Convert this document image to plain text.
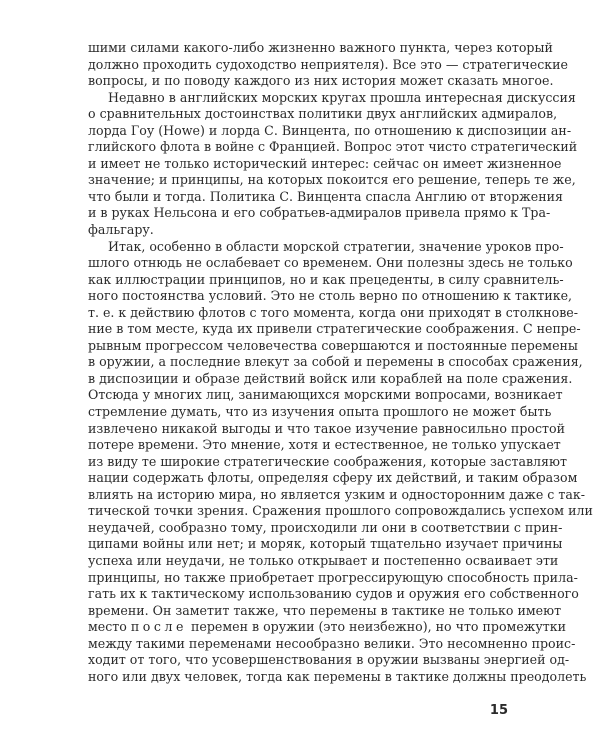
шими силами какого-либо жизненно важного пункта, через который
должно проходить судоходство неприятеля). Все это — стратегические
вопросы, и по поводу каждого из них история может сказать многое.
Недавно в английских морских кругах прошла интересная дискуссия
о сравнительных достоинствах политики двух английских адмиралов,
лорда Гоу (Howe) и лорда С. Винцента, по отношению к диспозиции ан-
глийского флота в войне с Францией. Вопрос этот чисто стратегический
и имеет не только исторический интерес: сейчас он имеет жизненное
значение; и принципы, на которых покоится его решение, теперь те же,
что были и тогда. Политика С. Винцента спасла Англию от вторжения
и в руках Нельсона и его собратьев-адмиралов привела прямо к Тра-
фальгару.
Итак, особенно в области морской стратегии, значение уроков про-
шлого отнюдь не ослабевает со временем. Они полезны здесь не только
как иллюстрации принципов, но и как прецеденты, в силу сравнитель-
ного постоянства условий. Это не столь верно по отношению к тактике,
т. е. к действию флотов с того момента, когда они приходят в столкнове-
ние в том месте, куда их привели стратегические соображения. С непре-
рывным прогрессом человечества совершаются и постоянные перемены
в оружии, а последние влекут за собой и перемены в способах сражения,
в диспозиции и образе действий войск или кораблей на поле сражения.
Отсюда у многих лиц, занимающихся морскими вопросами, возникает
стремление думать, что из изучения опыта прошлого не может быть
извлечено никакой выгоды и что такое изучение равносильно простой
потере времени. Это мнение, хотя и естественное, не только упускает
из виду те широкие стратегические соображения, которые заставляют
нации содержать флоты, определяя сферу их действий, и таким образом
влиять на историю мира, но является узким и односторонним даже с так-
тической точки зрения. Сражения прошлого сопровождались успехом или
неудачей, сообразно тому, происходили ли они в соответствии с прин-
ципами войны или нет; и моряк, который тщательно изучает причины
успеха или неудачи, не только открывает и постепенно осваивает эти
принципы, но также приобретает прогрессирующую способность прила-
гать их к тактическому использованию судов и оружия его собственного
времени. Он заметит также, что перемены в тактике не только имеют
место после перемен в оружии (это неизбежно), но что промежутки
между такими переменами несообразно велики. Это несомненно проис-
ходит от того, что усовершенствования в оружии вызваны энергией од-
ного или двух человек, тогда как перемены в тактике должны преодолеть
15
